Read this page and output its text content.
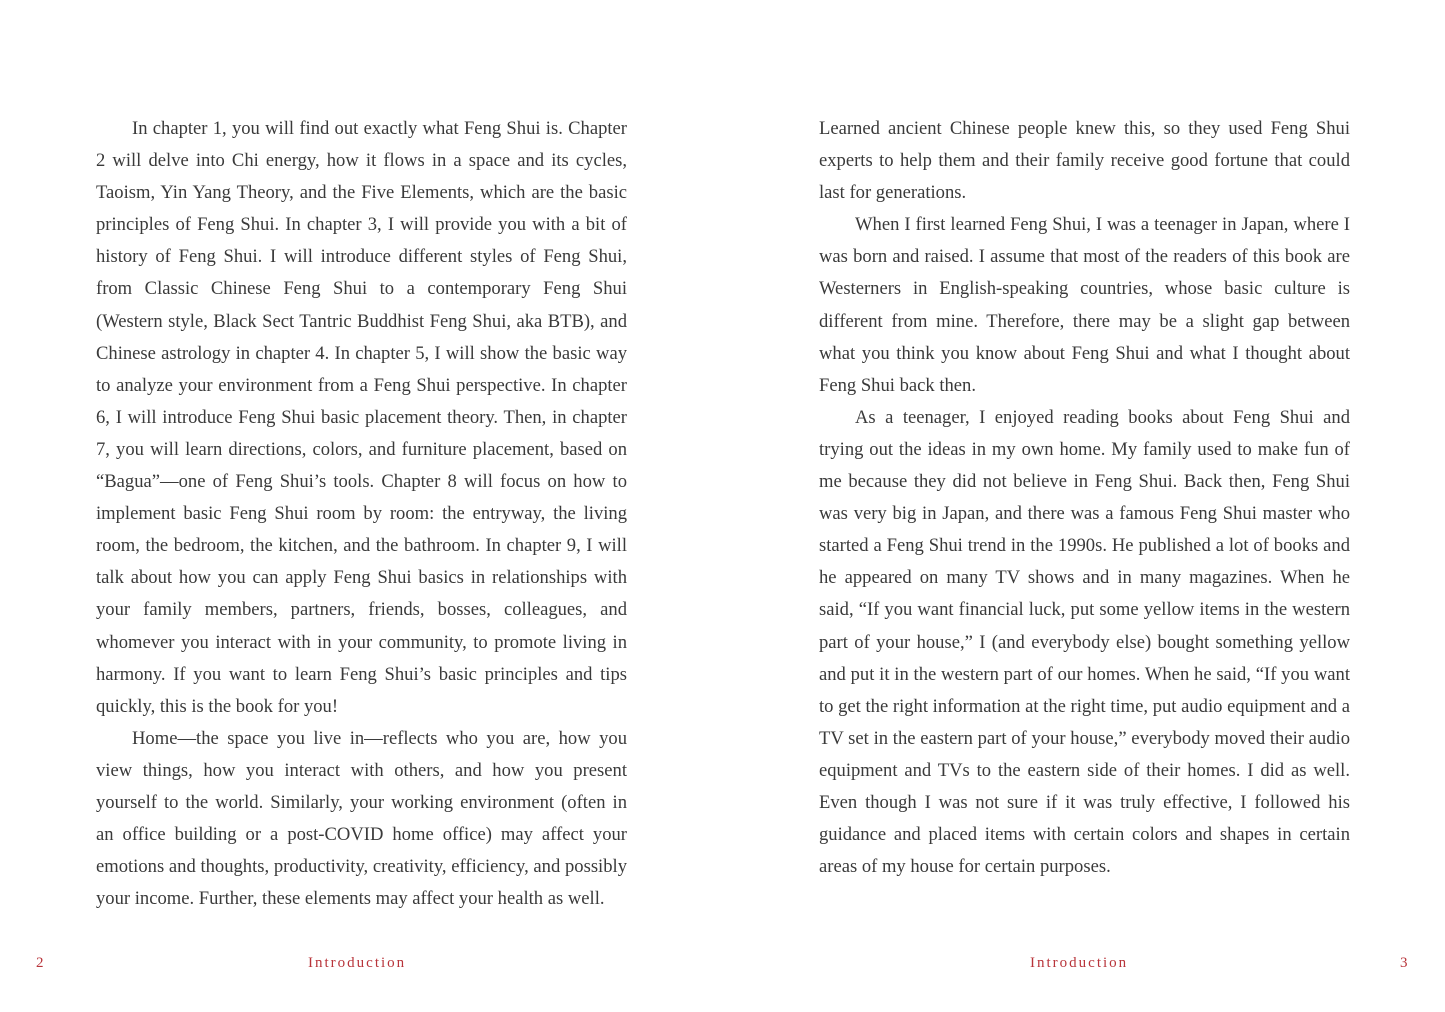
In chapter 1, you will find out exactly what Feng Shui is. Chapter 2 will delve into Chi energy, how it flows in a space and its cycles, Taoism, Yin Yang Theory, and the Five Elements, which are the basic principles of Feng Shui. In chapter 3, I will provide you with a bit of history of Feng Shui. I will introduce different styles of Feng Shui, from Classic Chinese Feng Shui to a contemporary Feng Shui (Western style, Black Sect Tantric Buddhist Feng Shui, aka BTB), and Chinese astrology in chapter 4. In chapter 5, I will show the basic way to analyze your environment from a Feng Shui perspective. In chapter 6, I will introduce Feng Shui basic placement theory. Then, in chapter 7, you will learn directions, colors, and furniture placement, based on “Bagua”—one of Feng Shui’s tools. Chapter 8 will focus on how to implement basic Feng Shui room by room: the entryway, the living room, the bedroom, the kitchen, and the bathroom. In chapter 9, I will talk about how you can apply Feng Shui basics in relationships with your family members, partners, friends, bosses, colleagues, and whomever you interact with in your community, to promote living in harmony. If you want to learn Feng Shui’s basic principles and tips quickly, this is the book for you!

Home—the space you live in—reflects who you are, how you view things, how you interact with others, and how you present yourself to the world. Similarly, your working environment (often in an office building or a post-COVID home office) may affect your emotions and thoughts, productivity, creativity, efficiency, and possibly your income. Further, these elements may affect your health as well.

2	Introduction

Learned ancient Chinese people knew this, so they used Feng Shui experts to help them and their family receive good fortune that could last for generations.

When I first learned Feng Shui, I was a teenager in Japan, where I was born and raised. I assume that most of the readers of this book are Westerners in English-speaking countries, whose basic culture is different from mine. Therefore, there may be a slight gap between what you think you know about Feng Shui and what I thought about Feng Shui back then.

As a teenager, I enjoyed reading books about Feng Shui and trying out the ideas in my own home. My family used to make fun of me because they did not believe in Feng Shui. Back then, Feng Shui was very big in Japan, and there was a famous Feng Shui master who started a Feng Shui trend in the 1990s. He published a lot of books and he appeared on many TV shows and in many magazines. When he said, “If you want financial luck, put some yellow items in the western part of your house,” I (and everybody else) bought something yellow and put it in the western part of our homes. When he said, “If you want to get the right information at the right time, put audio equipment and a TV set in the eastern part of your house,” everybody moved their audio equipment and TVs to the eastern side of their homes. I did as well. Even though I was not sure if it was truly effective, I followed his guidance and placed items with certain colors and shapes in certain areas of my house for certain purposes.

Introduction	3
